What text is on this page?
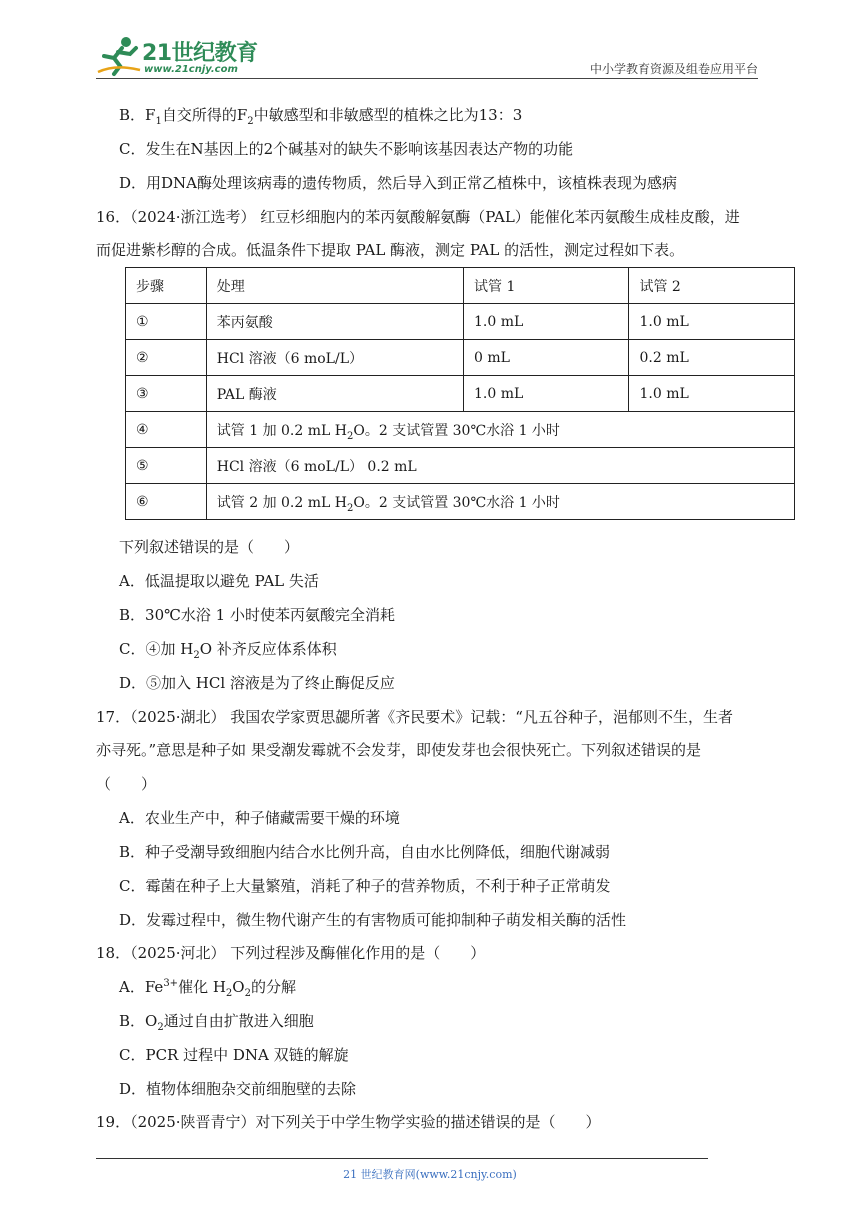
21世纪教育
www.21cnjy.com	中小学教育资源及组卷应用平台
B．$F_1$自交所得的$F_2$中敏感型和非敏感型的植株之比为13：3
C．发生在N基因上的2个碱基对的缺失不影响该基因表达产物的功能
D．用DNA酶处理该病毒的遗传物质，然后导入到正常乙植株中，该植株表现为感病
16．（2024·浙江选考） 红豆杉细胞内的苯丙氨酸解氨酶（PAL）能催化苯丙氨酸生成桂皮酸，进
而促进紫杉醇的合成。低温条件下提取 PAL 酶液，测定 PAL 的活性，测定过程如下表。
步骤	处理	试管 1	试管 2
①	苯丙氨酸	1.0 mL	1.0 mL
②	HCl 溶液（6 moL/L）	0 mL	0.2 mL
③	PAL 酶液	1.0 mL	1.0 mL
④	试管 1 加 0.2 mL $H_2O$。2 支试管置 30℃水浴 1 小时		
⑤	HCl 溶液（6 moL/L） 0.2 mL		
⑥	试管 2 加 0.2 mL $H_2O$。2 支试管置 30℃水浴 1 小时		
下列叙述错误的是（　　）
A．低温提取以避免 PAL 失活
B．30℃水浴 1 小时使苯丙氨酸完全消耗
C．④加 $H_2O$ 补齐反应体系体积
D．⑤加入 HCl 溶液是为了终止酶促反应
17．（2025·湖北） 我国农学家贾思勰所著《齐民要术》记载：“凡五谷种子，浥郁则不生，生者
亦寻死。”意思是种子如 果受潮发霉就不会发芽，即使发芽也会很快死亡。下列叙述错误的是
（　　）
A．农业生产中，种子储藏需要干燥的环境
B．种子受潮导致细胞内结合水比例升高，自由水比例降低，细胞代谢减弱
C．霉菌在种子上大量繁殖，消耗了种子的营养物质，不利于种子正常萌发
D．发霉过程中，微生物代谢产生的有害物质可能抑制种子萌发相关酶的活性
18．（2025·河北） 下列过程涉及酶催化作用的是（　　）
A．$Fe^{3+}$催化 $H_2O_2$的分解
B．$O_2$通过自由扩散进入细胞
C．PCR 过程中 DNA 双链的解旋
D．植物体细胞杂交前细胞壁的去除
19．（2025·陕晋青宁）对下列关于中学生物学实验的描述错误的是（　　）
21 世纪教育网(www.21cnjy.com)
